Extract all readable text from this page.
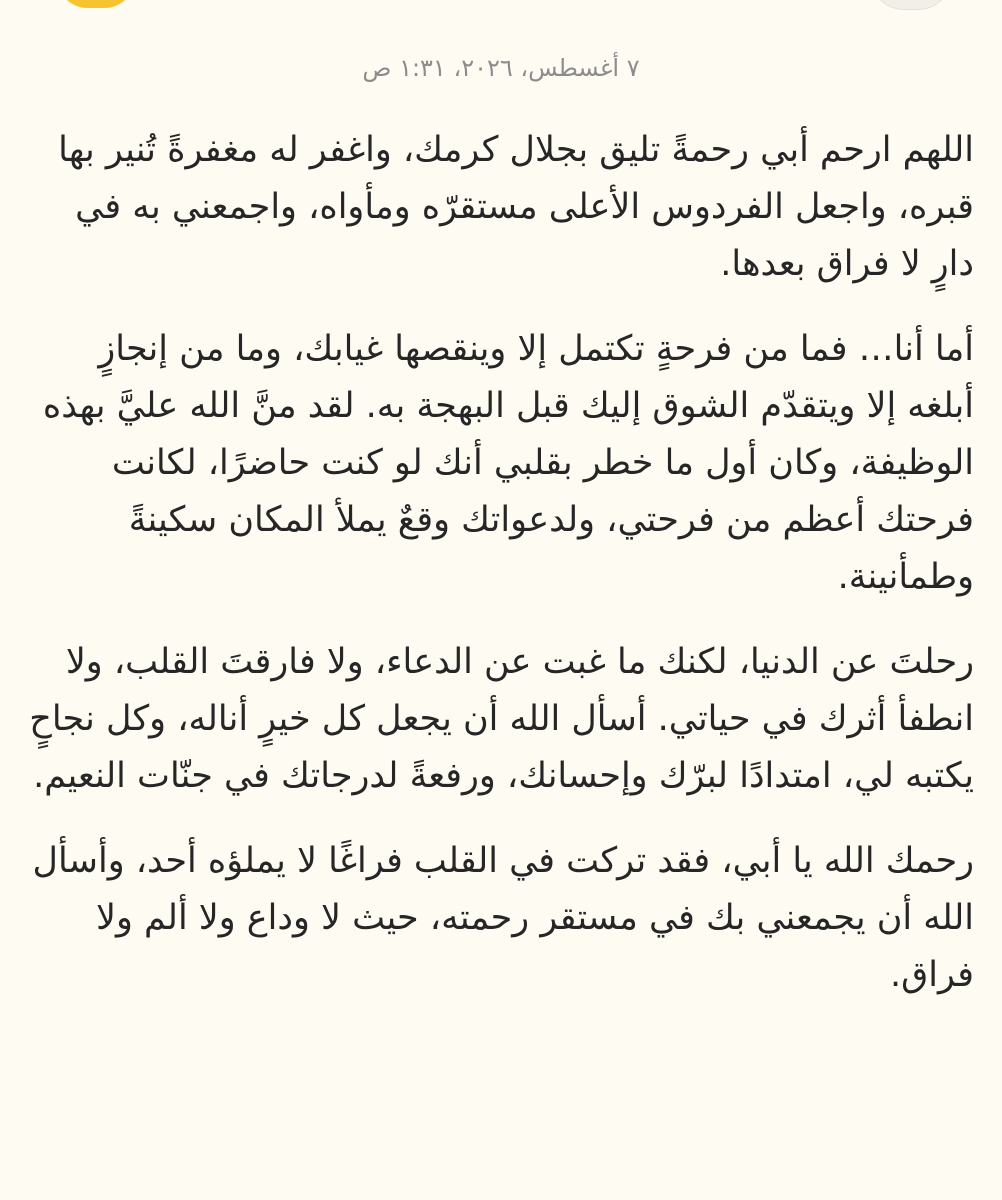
٧ أغسطس، ٢٠٢٦، ١:٣١ ص

اللهم ارحم أبي رحمةً تليق بجلال كرمك، واغفر له مغفرةً تُنير بها قبره، واجعل الفردوس الأعلى مستقرّه ومأواه، واجمعني به في دارٍ لا فراق بعدها.

أما أنا… فما من فرحةٍ تكتمل إلا وينقصها غيابك، وما من إنجازٍ أبلغه إلا ويتقدّم الشوق إليك قبل البهجة به. لقد منَّ الله عليَّ بهذه الوظيفة، وكان أول ما خطر بقلبي أنك لو كنت حاضرًا، لكانت فرحتك أعظم من فرحتي، ولدعواتك وقعٌ يملأ المكان سكينةً وطمأنينة.

رحلتَ عن الدنيا، لكنك ما غبت عن الدعاء، ولا فارقتَ القلب، ولا انطفأ أثرك في حياتي. أسأل الله أن يجعل كل خيرٍ أناله، وكل نجاحٍ يكتبه لي، امتدادًا لبرّك وإحسانك، ورفعةً لدرجاتك في جنّات النعيم.

رحمك الله يا أبي، فقد تركت في القلب فراغًا لا يملؤه أحد، وأسأل الله أن يجمعني بك في مستقر رحمته، حيث لا وداع ولا ألم ولا فراق.
